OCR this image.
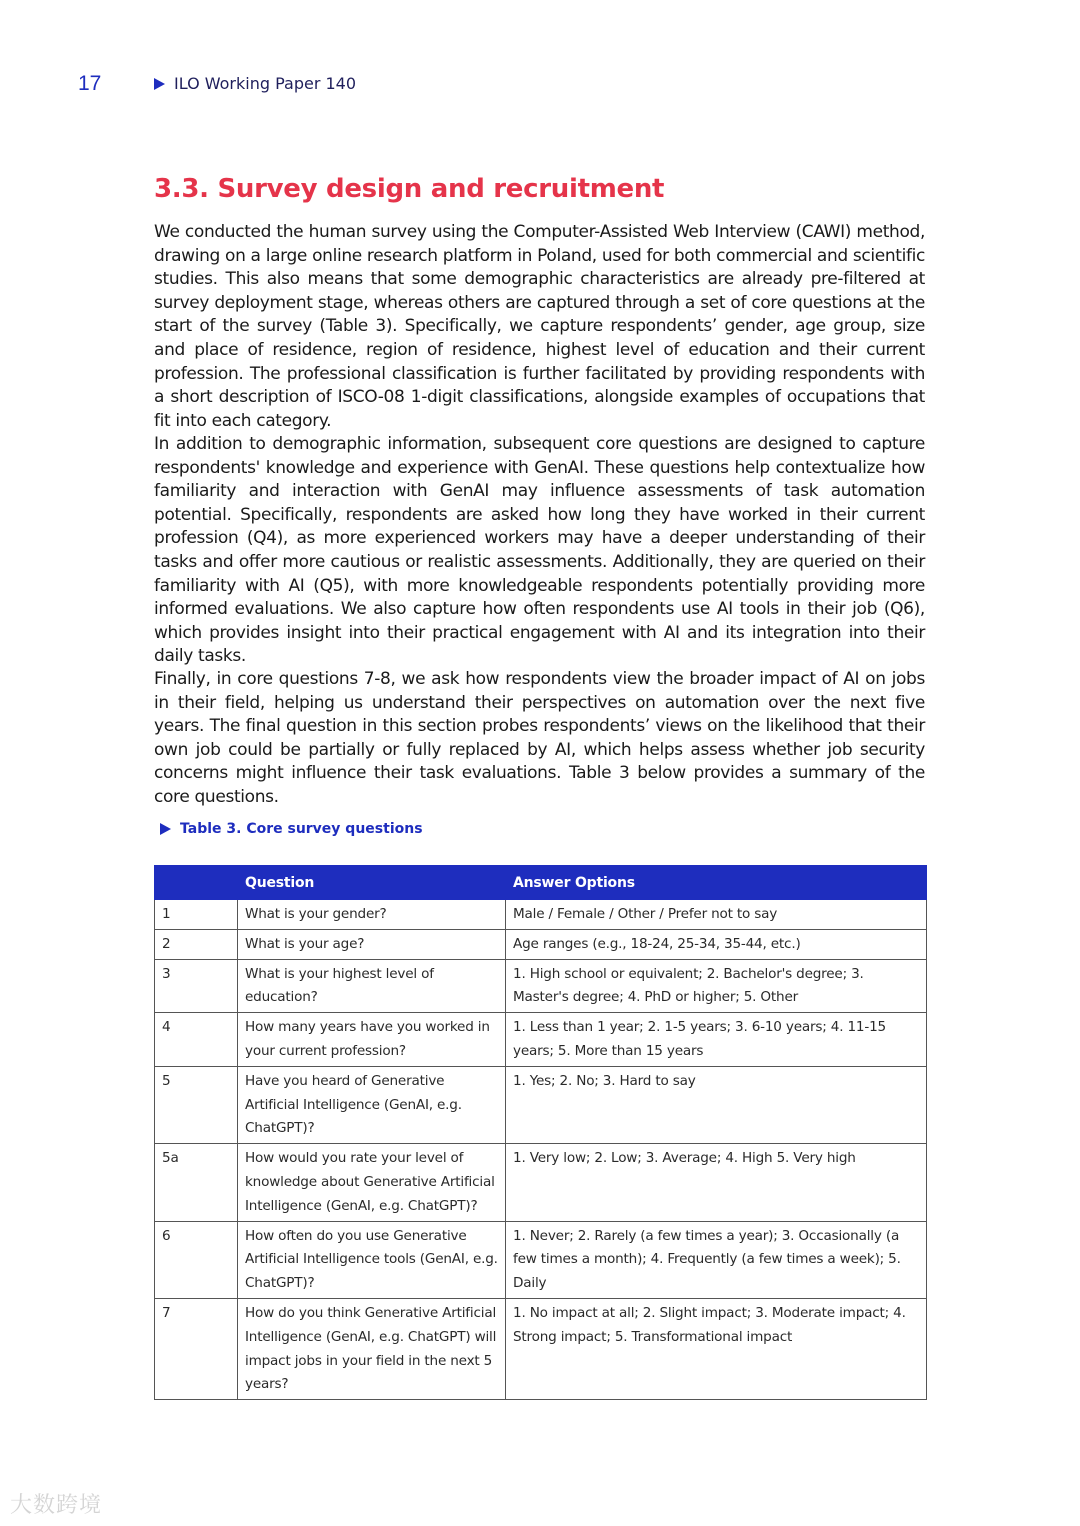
17	ILO Working Paper 140
3.3. Survey design and recruitment

We conducted the human survey using the Computer-Assisted Web Interview (CAWI) method, drawing on a large online research platform in Poland, used for both commercial and scientific studies. This also means that some demographic characteristics are already pre-filtered at survey deployment stage, whereas others are captured through a set of core questions at the start of the survey (Table 3). Specifically, we capture respondents’ gender, age group, size and place of residence, region of residence, highest level of education and their current profession. The professional classification is further facilitated by providing respondents with a short description of ISCO-08 1-digit classifications, alongside examples of occupations that fit into each category.

In addition to demographic information, subsequent core questions are designed to capture respondents' knowledge and experience with GenAI. These questions help contextualize how familiarity and interaction with GenAI may influence assessments of task automation potential. Specifically, respondents are asked how long they have worked in their current profession (Q4), as more experienced workers may have a deeper understanding of their tasks and offer more cautious or realistic assessments. Additionally, they are queried on their familiarity with AI (Q5), with more knowledgeable respondents potentially providing more informed evaluations. We also capture how often respondents use AI tools in their job (Q6), which provides insight into their practical engagement with AI and its integration into their daily tasks.

Finally, in core questions 7-8, we ask how respondents view the broader impact of AI on jobs in their field, helping us understand their perspectives on automation over the next five years. The final question in this section probes respondents’ views on the likelihood that their own job could be partially or fully replaced by AI, which helps assess whether job security concerns might influence their task evaluations. Table 3 below provides a summary of the core questions.

Table 3. Core survey questions
	Question	Answer Options
1	What is your gender?	Male / Female / Other / Prefer not to say
2	What is your age?	Age ranges (e.g., 18-24, 25-34, 35-44, etc.)
3	What is your highest level of education?	1. High school or equivalent; 2. Bachelor's degree; 3. Master's degree; 4. PhD or higher; 5. Other
4	How many years have you worked in your current profession?	1. Less than 1 year; 2. 1-5 years; 3. 6-10 years; 4. 11-15 years; 5. More than 15 years
5	Have you heard of Generative Artificial Intelligence (GenAI, e.g. ChatGPT)?	1. Yes; 2. No; 3. Hard to say
5a	How would you rate your level of knowledge about Generative Artificial Intelligence (GenAI, e.g. ChatGPT)?	1. Very low; 2. Low; 3. Average; 4. High 5. Very high
6	How often do you use Generative Artificial Intelligence tools (GenAI, e.g. ChatGPT)?	1. Never; 2. Rarely (a few times a year); 3. Occasionally (a few times a month); 4. Frequently (a few times a week); 5. Daily
7	How do you think Generative Artificial Intelligence (GenAI, e.g. ChatGPT) will impact jobs in your field in the next 5 years?	1. No impact at all; 2. Slight impact; 3. Moderate impact; 4. Strong impact; 5. Transformational impact
大数跨境
